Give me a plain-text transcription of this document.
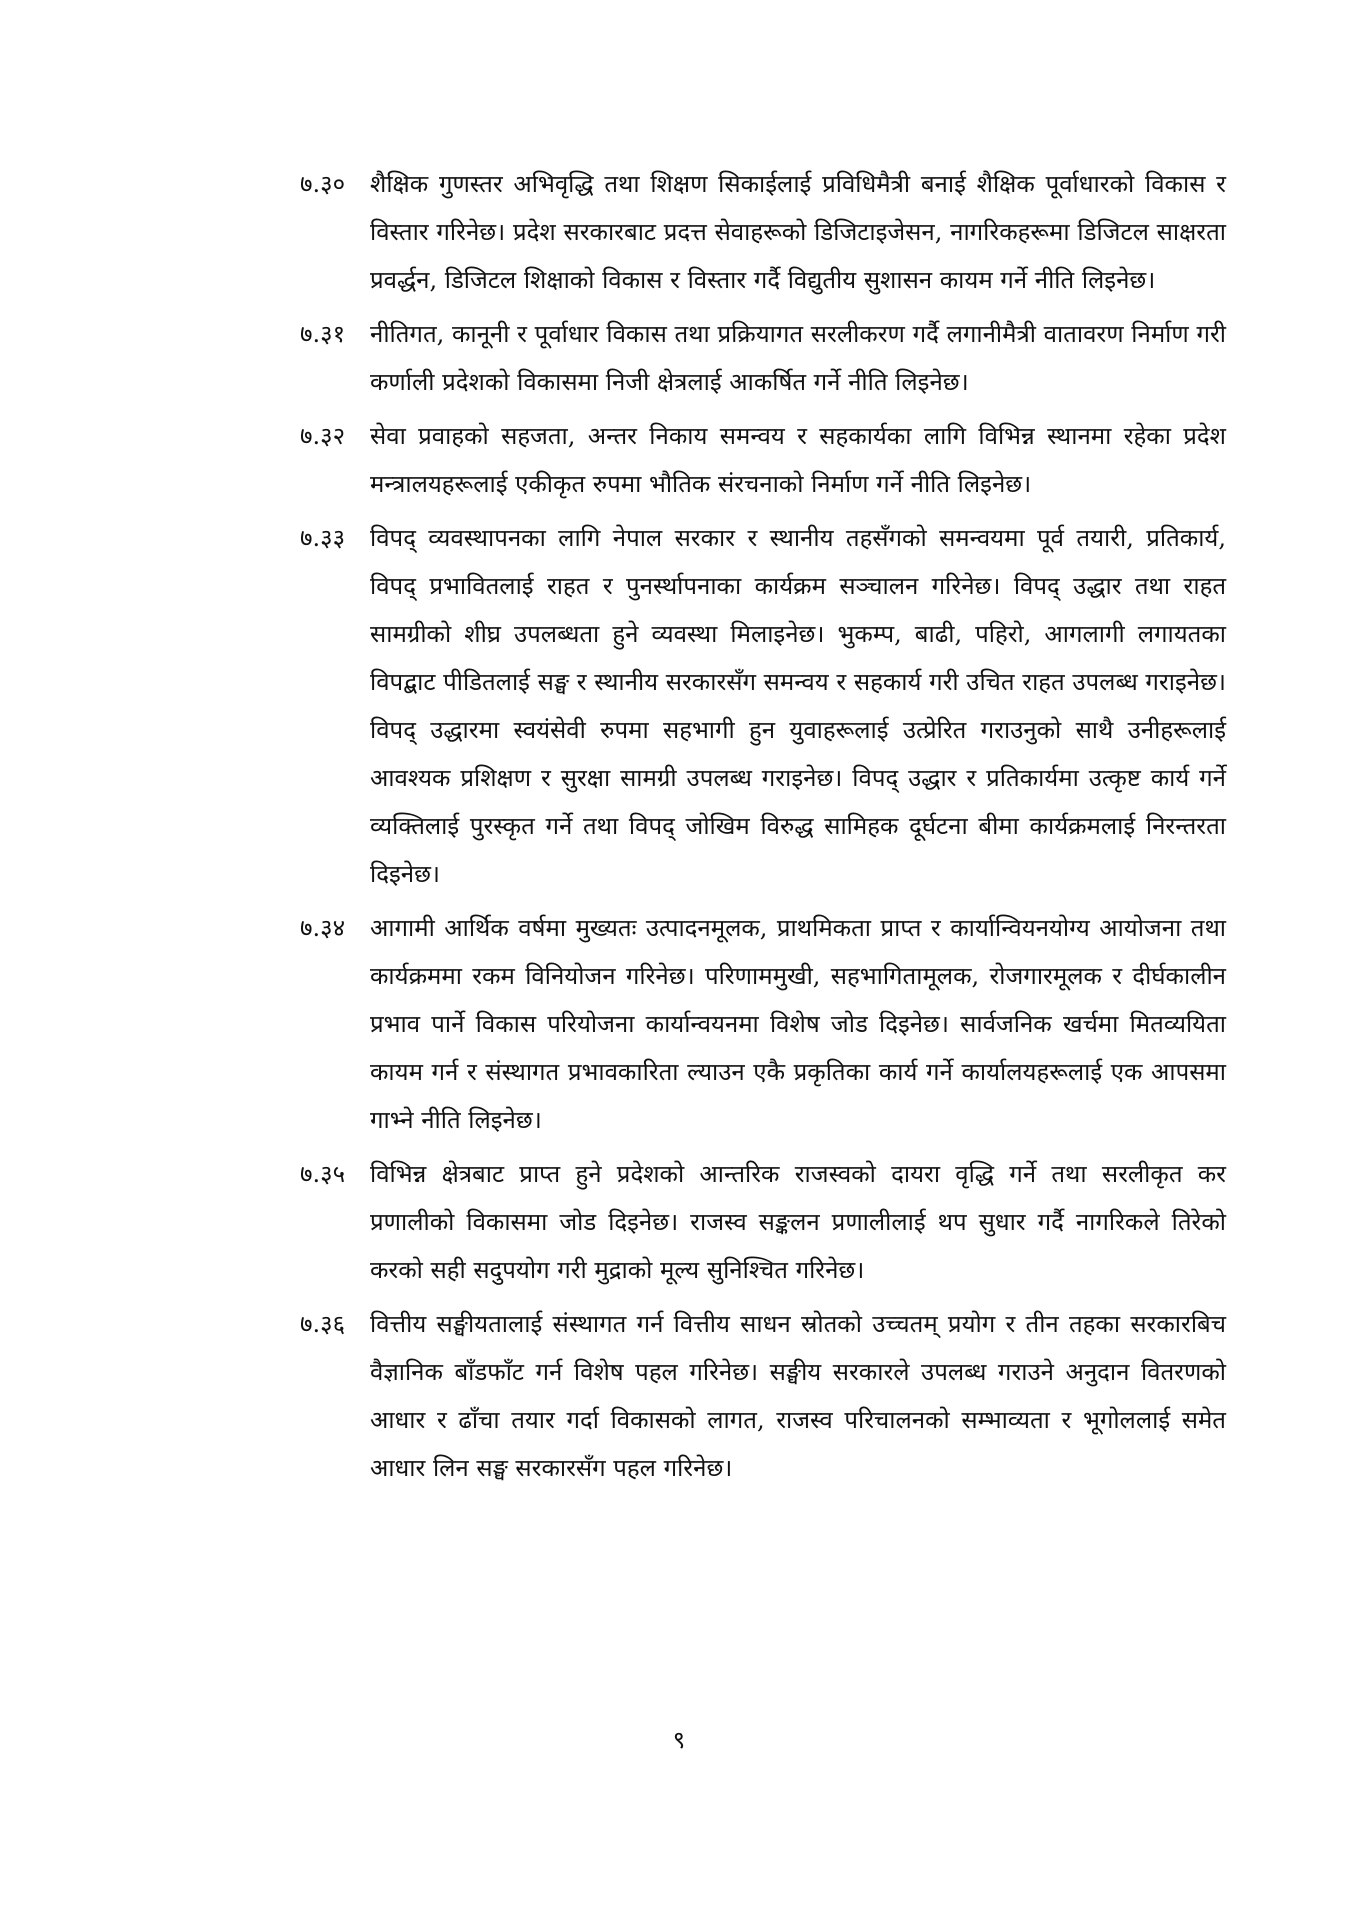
७.३० शैक्षिक गुणस्तर अभिवृद्धि तथा शिक्षण सिकाईलाई प्रविधिमैत्री बनाई शैक्षिक पूर्वाधारको विकास र विस्तार गरिनेछ। प्रदेश सरकारबाट प्रदत्त सेवाहरूको डिजिटाइजेसन, नागरिकहरूमा डिजिटल साक्षरता प्रवर्द्धन, डिजिटल शिक्षाको विकास र विस्तार गर्दै विद्युतीय सुशासन कायम गर्ने नीति लिइनेछ।
७.३१ नीतिगत, कानूनी र पूर्वाधार विकास तथा प्रक्रियागत सरलीकरण गर्दै लगानीमैत्री वातावरण निर्माण गरी कर्णाली प्रदेशको विकासमा निजी क्षेत्रलाई आकर्षित गर्ने नीति लिइनेछ।
७.३२ सेवा प्रवाहको सहजता, अन्तर निकाय समन्वय र सहकार्यका लागि विभिन्न स्थानमा रहेका प्रदेश मन्त्रालयहरूलाई एकीकृत रुपमा भौतिक संरचनाको निर्माण गर्ने नीति लिइनेछ।
७.३३ विपद् व्यवस्थापनका लागि नेपाल सरकार र स्थानीय तहसँगको समन्वयमा पूर्व तयारी, प्रतिकार्य, विपद् प्रभावितलाई राहत र पुनर्स्थापनाका कार्यक्रम सञ्चालन गरिनेछ। विपद् उद्धार तथा राहत सामग्रीको शीघ्र उपलब्धता हुने व्यवस्था मिलाइनेछ। भुकम्प, बाढी, पहिरो, आगलागी लगायतका विपद्बाट पीडितलाई सङ्घ र स्थानीय सरकारसँग समन्वय र सहकार्य गरी उचित राहत उपलब्ध गराइनेछ। विपद् उद्धारमा स्वयंसेवी रुपमा सहभागी हुन युवाहरूलाई उत्प्रेरित गराउनुको साथै उनीहरूलाई आवश्यक प्रशिक्षण र सुरक्षा सामग्री उपलब्ध गराइनेछ। विपद् उद्धार र प्रतिकार्यमा उत्कृष्ट कार्य गर्ने व्यक्तिलाई पुरस्कृत गर्ने तथा विपद् जोखिम विरुद्ध सामिहक दूर्घटना बीमा कार्यक्रमलाई निरन्तरता दिइनेछ।
७.३४ आगामी आर्थिक वर्षमा मुख्यतः उत्पादनमूलक, प्राथमिकता प्राप्त र कार्यान्वियनयोग्य आयोजना तथा कार्यक्रममा रकम विनियोजन गरिनेछ। परिणाममुखी, सहभागितामूलक, रोजगारमूलक र दीर्घकालीन प्रभाव पार्ने विकास परियोजना कार्यान्वयनमा विशेष जोड दिइनेछ। सार्वजनिक खर्चमा मितव्ययिता कायम गर्न र संस्थागत प्रभावकारिता ल्याउन एकै प्रकृतिका कार्य गर्ने कार्यालयहरूलाई एक आपसमा गाभ्ने नीति लिइनेछ।
७.३५ विभिन्न क्षेत्रबाट प्राप्त हुने प्रदेशको आन्तरिक राजस्वको दायरा वृद्धि गर्ने तथा सरलीकृत कर प्रणालीको विकासमा जोड दिइनेछ। राजस्व सङ्कलन प्रणालीलाई थप सुधार गर्दै नागरिकले तिरेको करको सही सदुपयोग गरी मुद्राको मूल्य सुनिश्चित गरिनेछ।
७.३६ वित्तीय सङ्घीयतालाई संस्थागत गर्न वित्तीय साधन स्रोतको उच्चतम् प्रयोग र तीन तहका सरकारबिच वैज्ञानिक बाँडफाँट गर्न विशेष पहल गरिनेछ। सङ्घीय सरकारले उपलब्ध गराउने अनुदान वितरणको आधार र ढाँचा तयार गर्दा विकासको लागत, राजस्व परिचालनको सम्भाव्यता र भूगोललाई समेत आधार लिन सङ्घ सरकारसँग पहल गरिनेछ।
९
